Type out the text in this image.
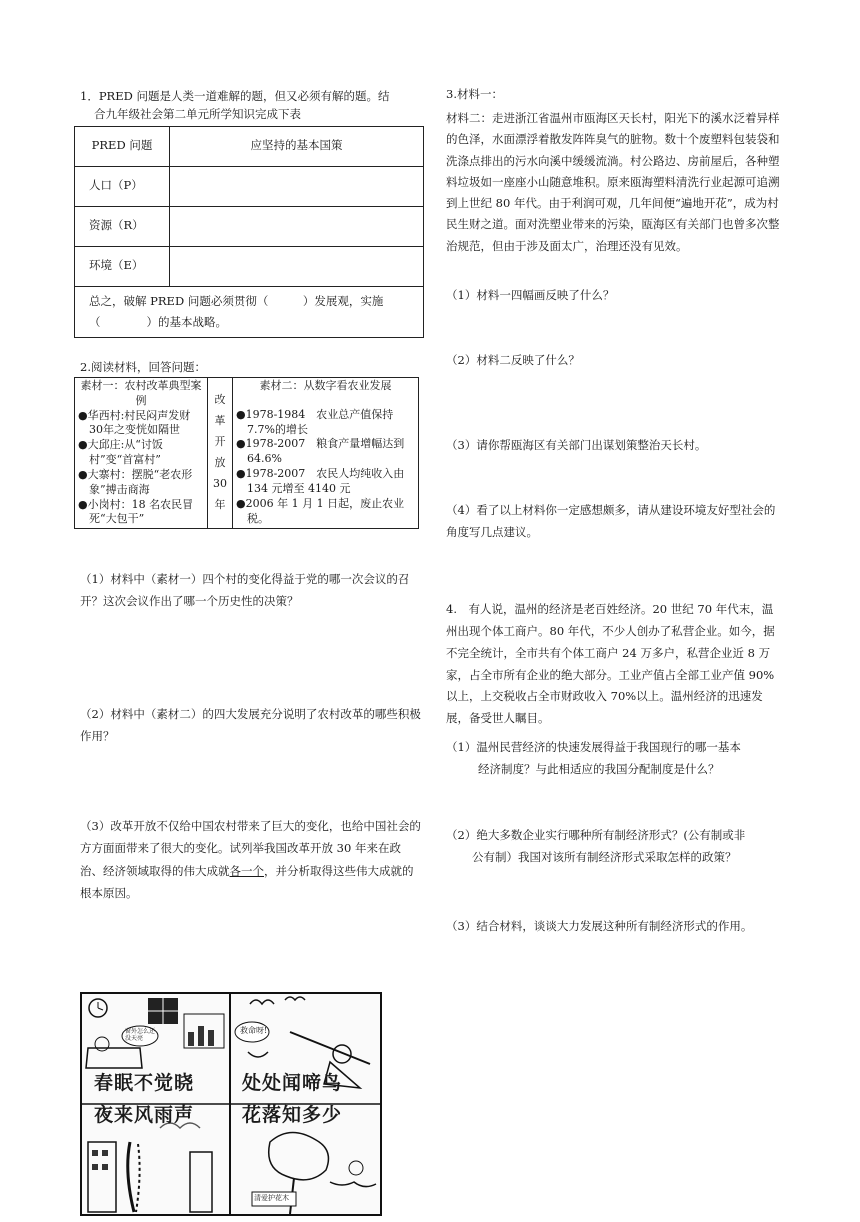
1．PRED 问题是人类一道难解的题，但又必须有解的题。结

合九年级社会第二单元所学知识完成下表

PRED 问题	应坚持的基本国策
人口（P）	
资源（R）	
环境（E）	

总之，破解 PRED 问题必须贯彻（　　　）发展观，实施
（　　　　）的基本战略。	

2.阅读材料，回答问题：

素材一：农村改革典型案例
●华西村:村民闷声发财30年之变恍如隔世
●大邱庄:从“讨饭村”变“首富村”
●大寨村：摆脱“老农形象”搏击商海
●小岗村：18 名农民冒死“大包干”

改
革
开
放
30
年

素材二：从数字看农业发展
●1978-1984　农业总产值保持 7.7%的增长
●1978-2007　粮食产量增幅达到 64.6%
●1978-2007　农民人均纯收入由 134 元增至 4140 元
●2006 年 1 月 1 日起，废止农业税。

（1）材料中（素材一）四个村的变化得益于党的哪一次会议的召开？这次会议作出了哪一个历史性的决策？

（2）材料中（素材二）的四大发展充分说明了农村改革的哪些积极作用？

（3）改革开放不仅给中国农村带来了巨大的变化，也给中国社会的方方面面带来了很大的变化。试列举我国改革开放 30 年来在政治、经济领域取得的伟大成就各一个，并分析取得这些伟大成就的根本原因。

春眠不觉晓	处处闻啼鸟
夜来风雨声	花落知多少
窗外怎么还没天亮
救命呀!
清爱护花木

3.材料一：

材料二：走进浙江省温州市瓯海区天长村，阳光下的溪水泛着异样的色泽，水面漂浮着散发阵阵臭气的脏物。数十个废塑料包装袋和洗涤点排出的污水向溪中缓缓流淌。村公路边、房前屋后，各种塑料垃圾如一座座小山随意堆积。原来瓯海塑料清洗行业起源可追溯到上世纪 80 年代。由于利润可观，几年间便“遍地开花”，成为村民生财之道。面对洗塑业带来的污染，瓯海区有关部门也曾多次整治规范，但由于涉及面太广，治理还没有见效。

（1）材料一四幅画反映了什么？

（2）材料二反映了什么？

（3）请你帮瓯海区有关部门出谋划策整治天长村。

（4）看了以上材料你一定感想颇多，请从建设环境友好型社会的角度写几点建议。

4.　有人说，温州的经济是老百姓经济。20 世纪 70 年代末，温州出现个体工商户。80 年代，不少人创办了私营企业。如今，据不完全统计，全市共有个体工商户 24 万多户，私营企业近 8 万家，占全市所有企业的绝大部分。工业产值占全部工业产值 90%以上，上交税收占全市财政收入 70%以上。温州经济的迅速发展，备受世人瞩目。

（1）温州民营经济的快速发展得益于我国现行的哪一基本

经济制度？与此相适应的我国分配制度是什么？

（2）绝大多数企业实行哪种所有制经济形式？(公有制或非

公有制）我国对该所有制经济形式采取怎样的政策？

（3）结合材料，谈谈大力发展这种所有制经济形式的作用。
